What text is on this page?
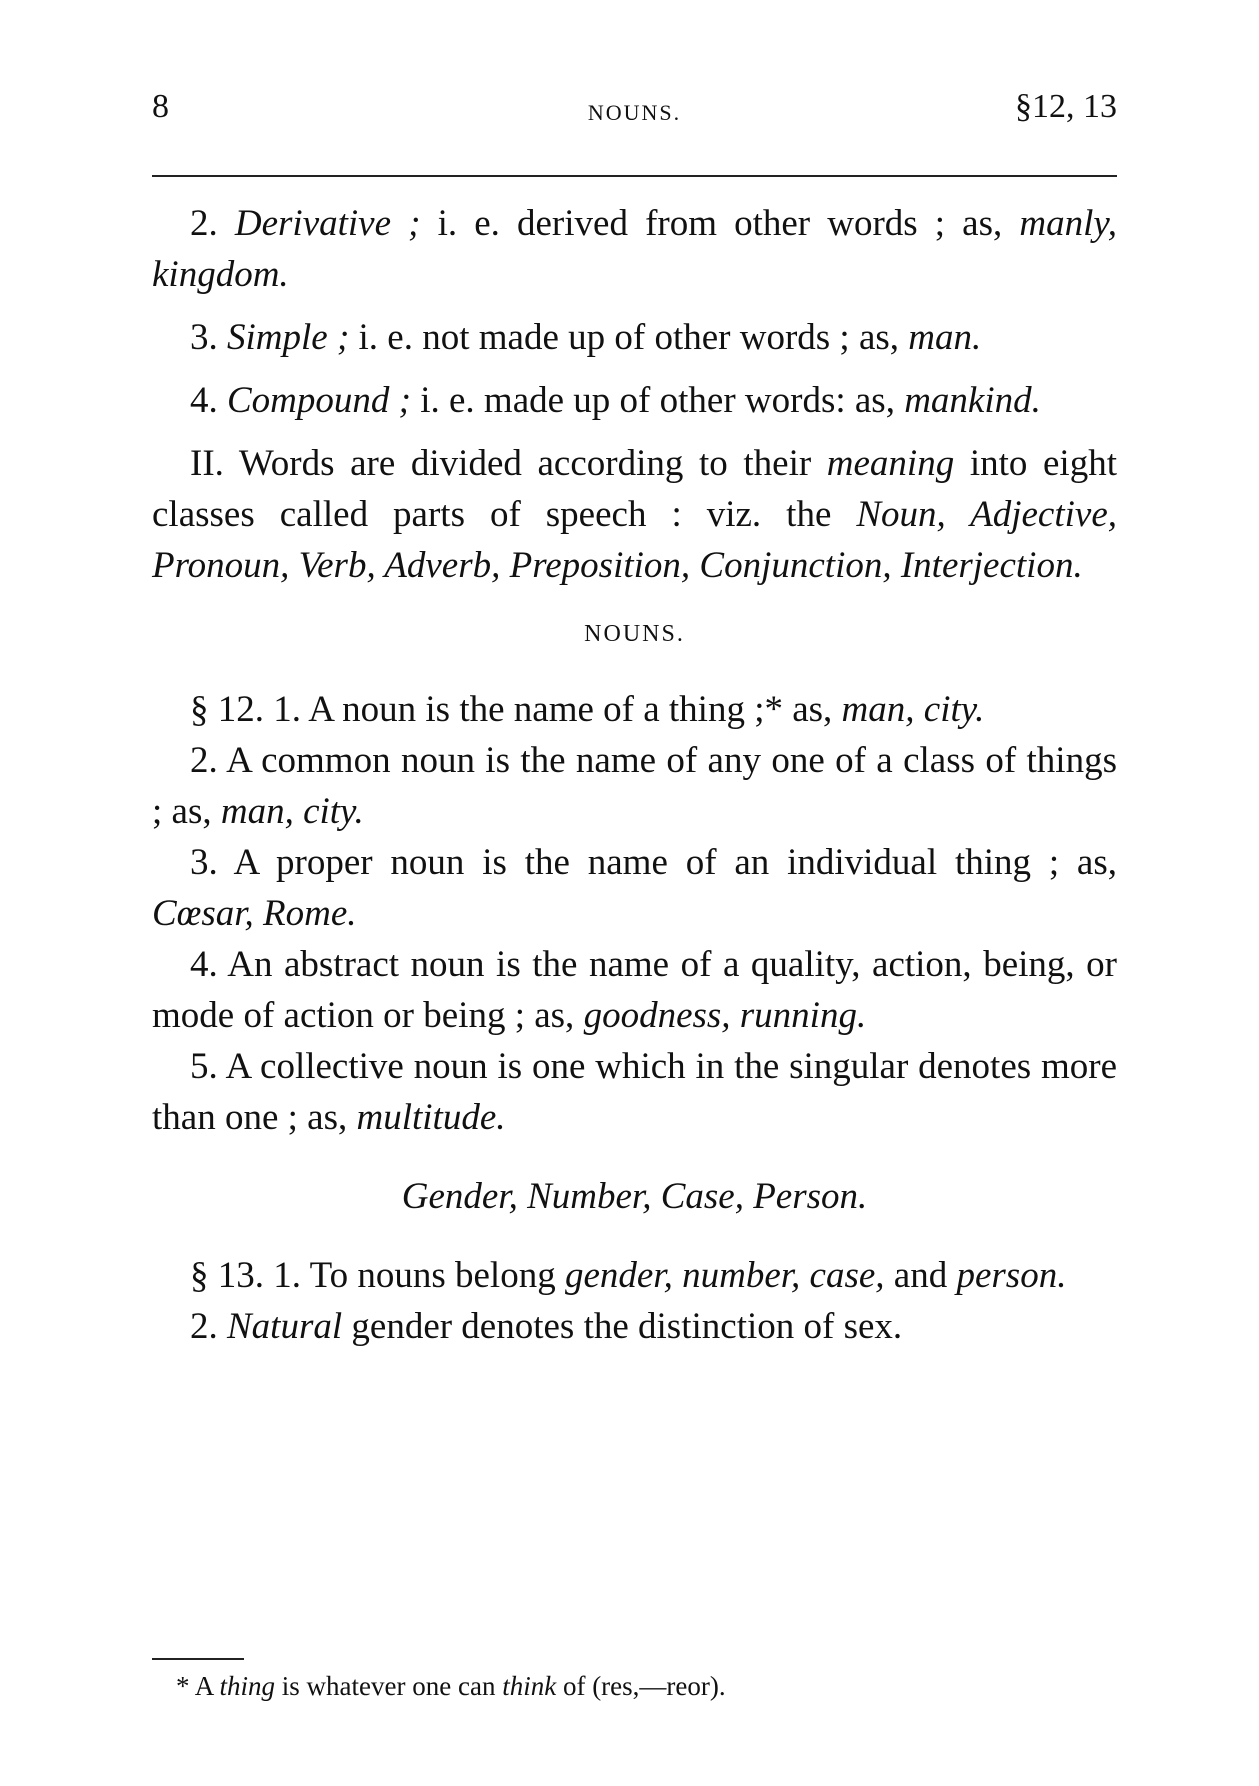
8	NOUNS.	§12, 13

2. Derivative ; i. e. derived from other words ; as, manly, kingdom.

3. Simple ; i. e. not made up of other words ; as, man.

4. Compound ; i. e. made up of other words: as, mankind.

II. Words are divided according to their meaning into eight classes called parts of speech : viz. the Noun, Adjective, Pronoun, Verb, Adverb, Preposition, Conjunction, Interjection.

NOUNS.

§ 12. 1. A noun is the name of a thing ;* as, man, city.

2. A common noun is the name of any one of a class of things ; as, man, city.

3. A proper noun is the name of an individual thing ; as, Cœsar, Rome.

4. An abstract noun is the name of a quality, action, being, or mode of action or being ; as, goodness, running.

5. A collective noun is one which in the singular denotes more than one ; as, multitude.

Gender, Number, Case, Person.

§ 13. 1. To nouns belong gender, number, case, and person.

2. Natural gender denotes the distinction of sex.

* A thing is whatever one can think of (res,—reor).
